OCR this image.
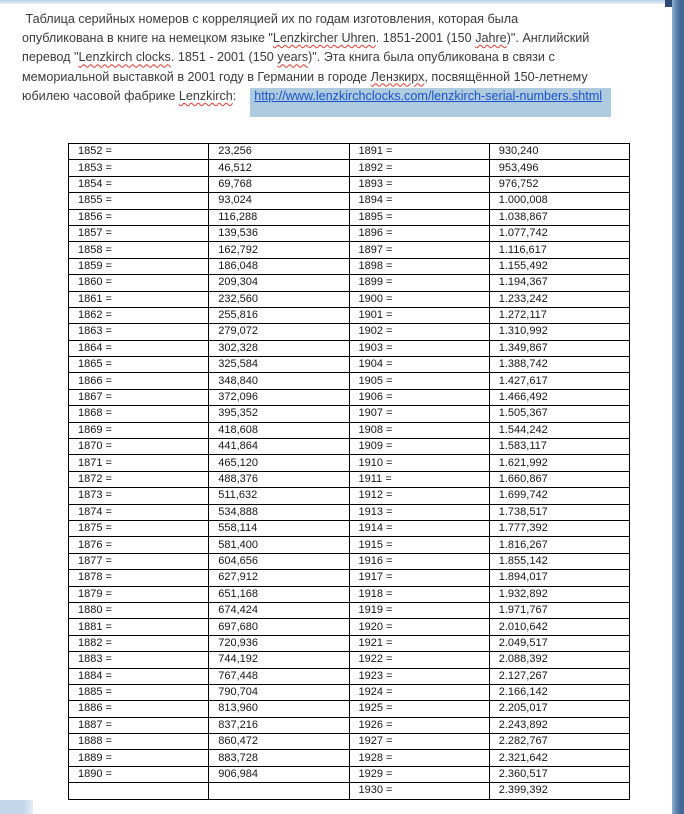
Таблица серийных номеров с корреляцией их по годам изготовления, которая была
опубликована в книге на немецком языке "Lenzkircher Uhren. 1851-2001 (150 Jahre)". Английский
перевод "Lenzkirch clocks. 1851 - 2001 (150 years)". Эта книга была опубликована в связи с
мемориальной выставкой в 2001 году в Германии в городе Лензкирх, посвящённой 150-летнему
юбилею часовой фабрике Lenzkirch: http://www.lenzkirchclocks.com/lenzkirch-serial-numbers.shtml
1852 =	23,256	1891 =	930,240
1853 =	46,512	1892 =	953,496
1854 =	69,768	1893 =	976,752
1855 =	93,024	1894 =	1.000,008
1856 =	116,288	1895 =	1.038,867
1857 =	139,536	1896 =	1.077,742
1858 =	162,792	1897 =	1.116,617
1859 =	186,048	1898 =	1.155,492
1860 =	209,304	1899 =	1.194,367
1861 =	232,560	1900 =	1.233,242
1862 =	255,816	1901 =	1.272,117
1863 =	279,072	1902 =	1.310,992
1864 =	302,328	1903 =	1.349,867
1865 =	325,584	1904 =	1.388,742
1866 =	348,840	1905 =	1.427,617
1867 =	372,096	1906 =	1.466,492
1868 =	395,352	1907 =	1.505,367
1869 =	418,608	1908 =	1.544,242
1870 =	441,864	1909 =	1.583,117
1871 =	465,120	1910 =	1.621,992
1872 =	488,376	1911 =	1.660,867
1873 =	511,632	1912 =	1.699,742
1874 =	534,888	1913 =	1.738,517
1875 =	558,114	1914 =	1.777,392
1876 =	581,400	1915 =	1.816,267
1877 =	604,656	1916 =	1.855,142
1878 =	627,912	1917 =	1.894,017
1879 =	651,168	1918 =	1.932,892
1880 =	674,424	1919 =	1.971,767
1881 =	697,680	1920 =	2.010,642
1882 =	720,936	1921 =	2.049,517
1883 =	744,192	1922 =	2.088,392
1884 =	767,448	1923 =	2.127,267
1885 =	790,704	1924 =	2.166,142
1886 =	813,960	1925 =	2.205,017
1887 =	837,216	1926 =	2.243,892
1888 =	860,472	1927 =	2.282,767
1889 =	883,728	1928 =	2.321,642
1890 =	906,984	1929 =	2.360,517
		1930 =	2.399,392
